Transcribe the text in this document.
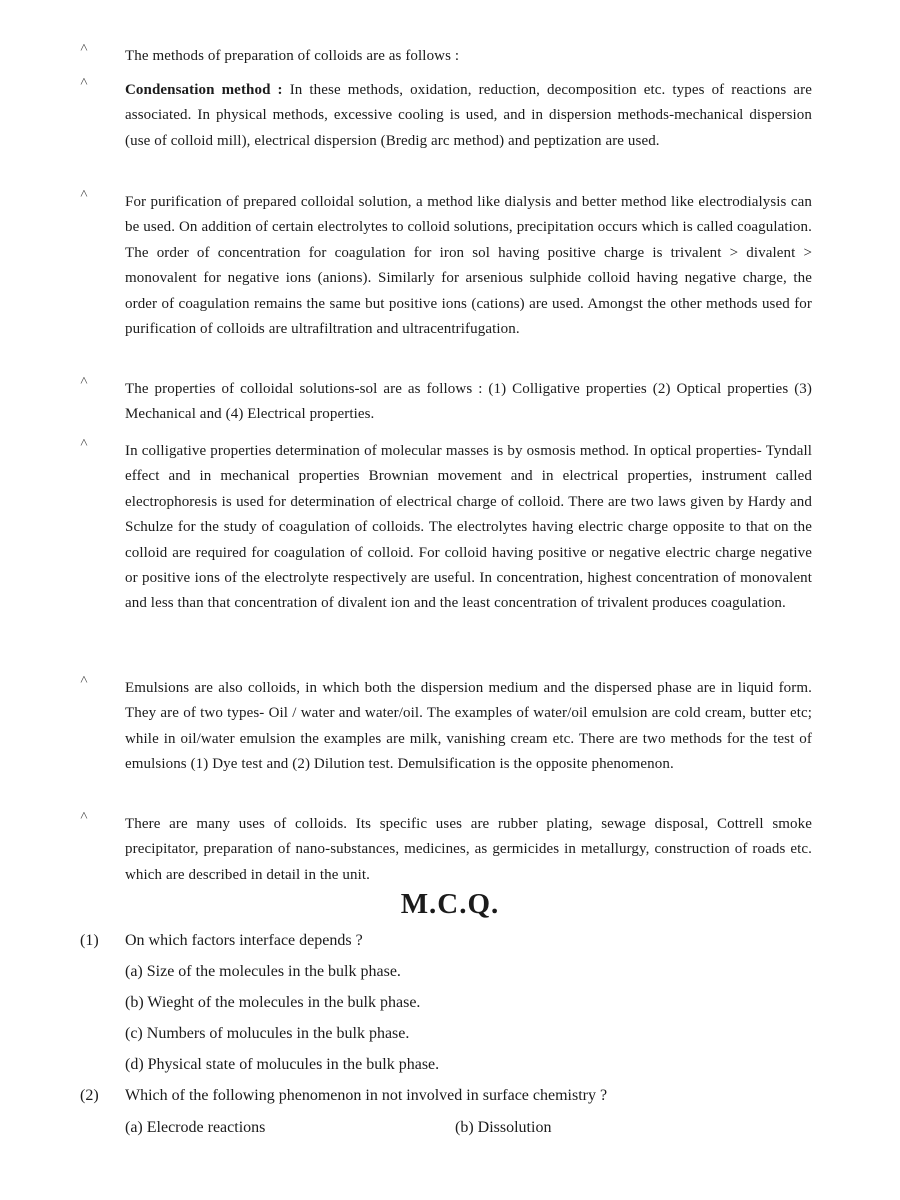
˄ The methods of preparation of colloids are as follows :
˄ Condensation method : In these methods, oxidation, reduction, decomposition etc. types of reactions are associated. In physical methods, excessive cooling is used, and in dispersion methods-mechanical dispersion (use of colloid mill), electrical dispersion (Bredig arc method) and peptization are used.
˄ For purification of prepared colloidal solution, a method like dialysis and better method like electrodialysis can be used. On addition of certain electrolytes to colloid solutions, precipitation occurs which is called coagulation. The order of concentration for coagulation for iron sol having positive charge is trivalent > divalent > monovalent for negative ions (anions). Similarly for arsenious sulphide colloid having negative charge, the order of coagulation remains the same but positive ions (cations) are used. Amongst the other methods used for purification of colloids are ultrafiltration and ultracentrifugation.
˄ The properties of colloidal solutions-sol are as follows : (1) Colligative properties (2) Optical properties (3) Mechanical and (4) Electrical properties.
˄ In colligative properties determination of molecular masses is by osmosis method. In optical properties- Tyndall effect and in mechanical properties Brownian movement and in electrical properties, instrument called electrophoresis is used for determination of electrical charge of colloid. There are two laws given by Hardy and Schulze for the study of coagulation of colloids. The electrolytes having electric charge opposite to that on the colloid are required for coagulation of colloid. For colloid having positive or negative electric charge negative or positive ions of the electrolyte respectively are useful. In concentration, highest concentration of monovalent and less than that concentration of divalent ion and the least concentration of trivalent produces coagulation.
˄ Emulsions are also colloids, in which both the dispersion medium and the dispersed phase are in liquid form. They are of two types- Oil / water and water/oil. The examples of water/oil emulsion are cold cream, butter etc; while in oil/water emulsion the examples are milk, vanishing cream etc. There are two methods for the test of emulsions (1) Dye test and (2) Dilution test. Demulsification is the opposite phenomenon.
˄ There are many uses of colloids. Its specific uses are rubber plating, sewage disposal, Cottrell smoke precipitator, preparation of nano-substances, medicines, as germicides in metallurgy, construction of roads etc. which are described in detail in the unit.
M.C.Q.
(1) On which factors interface depends ?
(a) Size of the molecules in the bulk phase.
(b) Wieght of the molecules in the bulk phase.
(c) Numbers of molucules in the bulk phase.
(d) Physical state of molucules in the bulk phase.
(2) Which of the following phenomenon in not involved in surface chemistry ?
(a) Elecrode reactions	(b) Dissolution
